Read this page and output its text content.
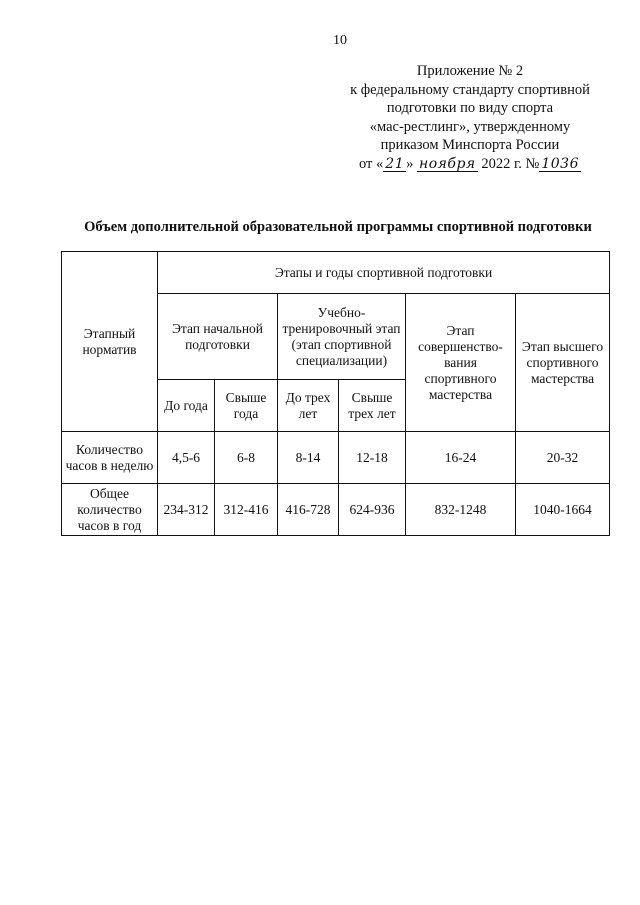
10
Приложение № 2
к федеральному стандарту спортивной
подготовки по виду спорта
«мас-рестлинг», утвержденному
приказом Минспорта России
от « 21 » ноября 2022 г. № 1036
Объем дополнительной образовательной программы спортивной подготовки
Этапный норматив	Этапы и годы спортивной подготовки					
	Этап начальной подготовки		Учебно-тренировочный этап (этап спортивной специализации)		Этап совершенство-вания спортивного мастерства	Этап высшего спортивного мастерства
	До года	Свыше года	До трех лет	Свыше трех лет		
Количество часов в неделю	4,5-6	6-8	8-14	12-18	16-24	20-32
Общее количество часов в год	234-312	312-416	416-728	624-936	832-1248	1040-1664
